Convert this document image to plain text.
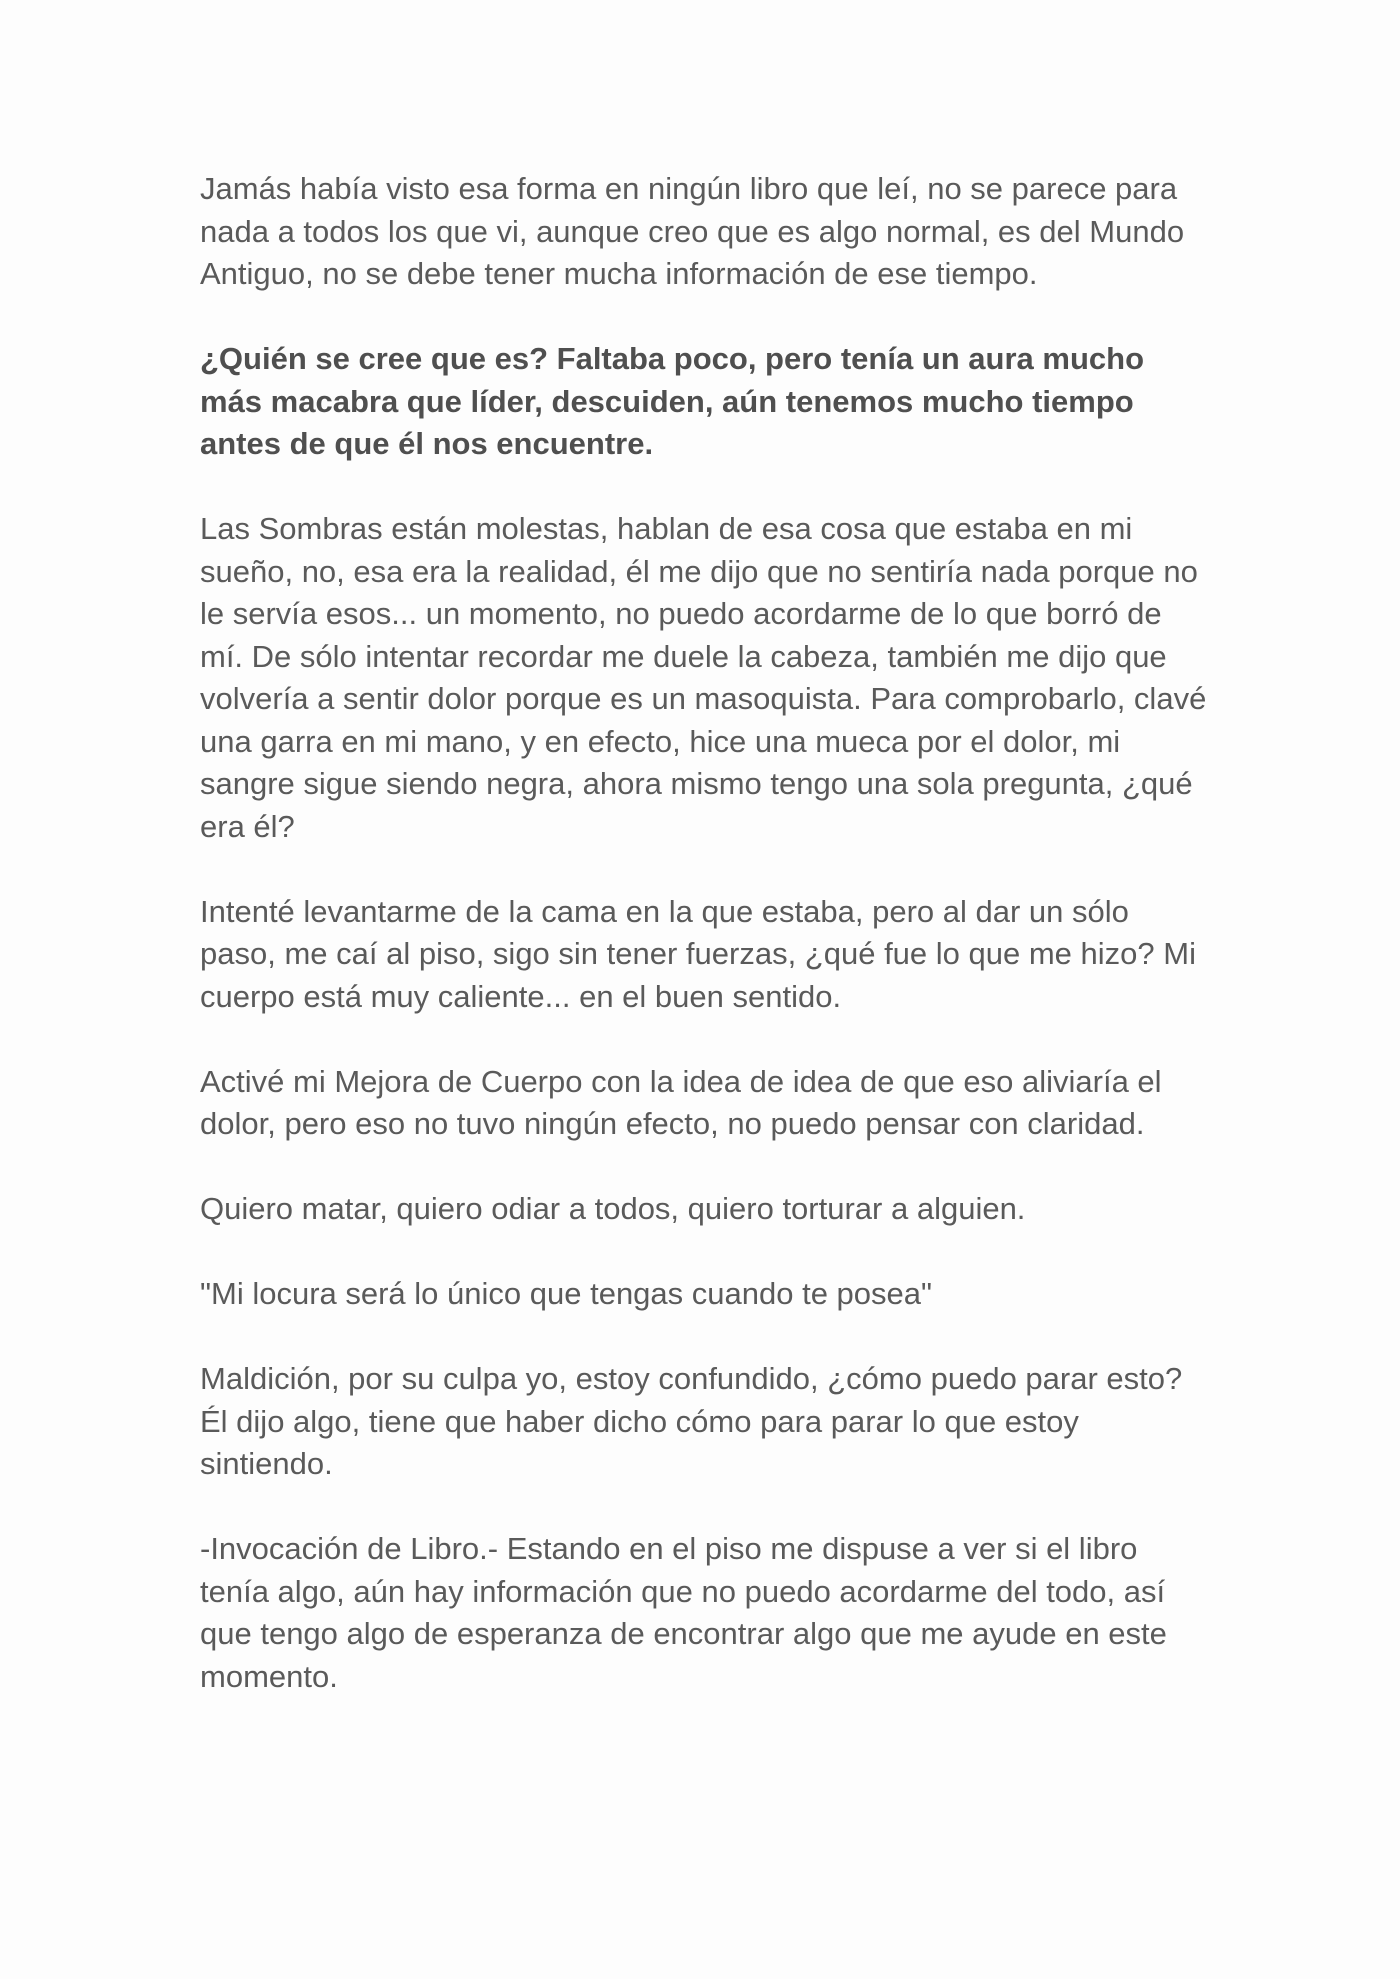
Jamás había visto esa forma en ningún libro que leí, no se parece para nada a todos los que vi, aunque creo que es algo normal, es del Mundo Antiguo, no se debe tener mucha información de ese tiempo.

¿Quién se cree que es? Faltaba poco, pero tenía un aura mucho más macabra que líder, descuiden, aún tenemos mucho tiempo antes de que él nos encuentre.

Las Sombras están molestas, hablan de esa cosa que estaba en mi sueño, no, esa era la realidad, él me dijo que no sentiría nada porque no le servía esos... un momento, no puedo acordarme de lo que borró de mí. De sólo intentar recordar me duele la cabeza, también me dijo que volvería a sentir dolor porque es un masoquista. Para comprobarlo, clavé una garra en mi mano, y en efecto, hice una mueca por el dolor, mi sangre sigue siendo negra, ahora mismo tengo una sola pregunta, ¿qué era él?

Intenté levantarme de la cama en la que estaba, pero al dar un sólo paso, me caí al piso, sigo sin tener fuerzas, ¿qué fue lo que me hizo? Mi cuerpo está muy caliente... en el buen sentido.

Activé mi Mejora de Cuerpo con la idea de idea de que eso aliviaría el dolor, pero eso no tuvo ningún efecto, no puedo pensar con claridad.

Quiero matar, quiero odiar a todos, quiero torturar a alguien.

"Mi locura será lo único que tengas cuando te posea"

Maldición, por su culpa yo, estoy confundido, ¿cómo puedo parar esto? Él dijo algo, tiene que haber dicho cómo para parar lo que estoy sintiendo.

-Invocación de Libro.- Estando en el piso me dispuse a ver si el libro tenía algo, aún hay información que no puedo acordarme del todo, así que tengo algo de esperanza de encontrar algo que me ayude en este momento.
